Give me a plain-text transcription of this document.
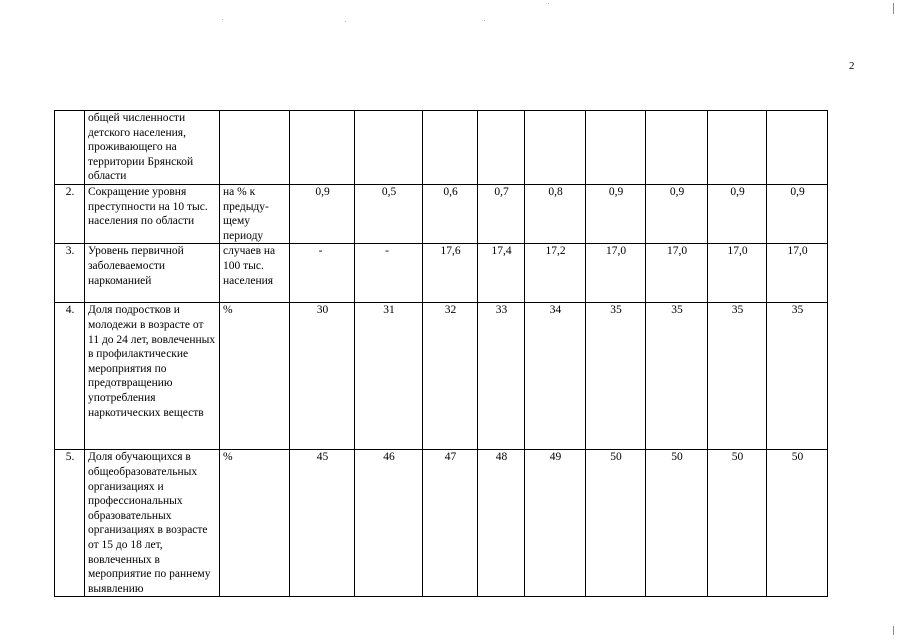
2
	общей численности детского населения, проживающего на территории Брянской области										
2.	Сокращение уровня преступности на 10 тыс. населения по области	на % к предыду-щему периоду	0,9	0,5	0,6	0,7	0,8	0,9	0,9	0,9	0,9
3.	Уровень первичной заболеваемости наркоманией	случаев на 100 тыс. населения	-	-	17,6	17,4	17,2	17,0	17,0	17,0	17,0
4.	Доля подростков и молодежи в возрасте от 11 до 24 лет, вовлеченных в профилактические мероприятия по предотвращению употребления наркотических веществ	%	30	31	32	33	34	35	35	35	35
5.	Доля обучающихся в общеобразовательных организациях и профессиональных образовательных организациях в возрасте от 15 до 18 лет, вовлеченных в мероприятие по раннему выявлению	%	45	46	47	48	49	50	50	50	50
